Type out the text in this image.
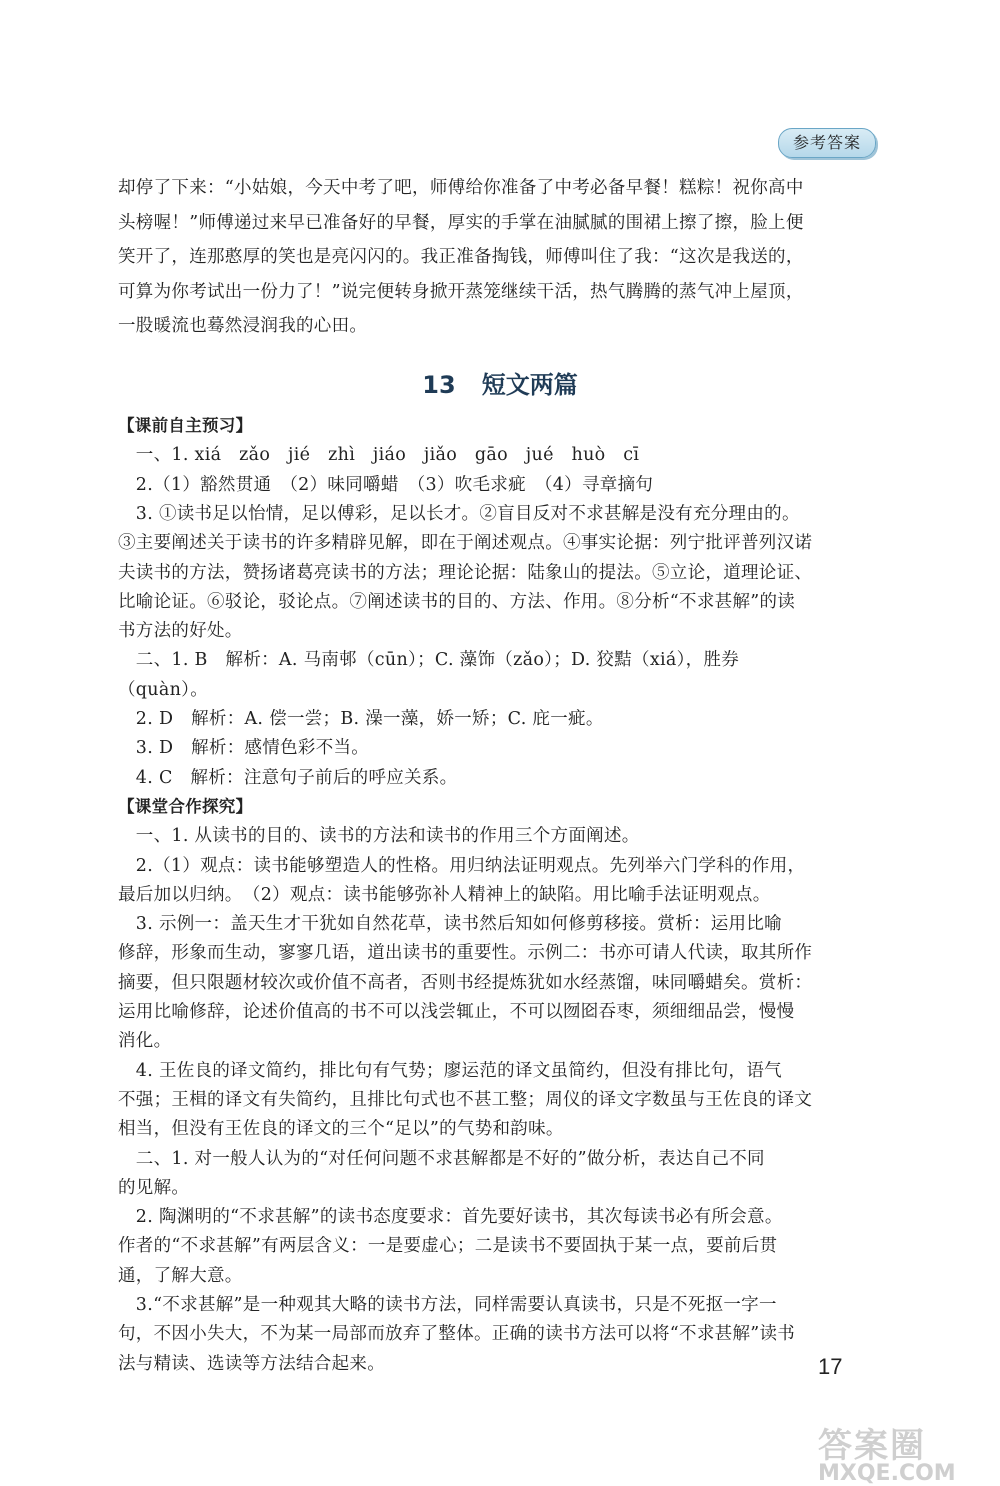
参考答案
却停了下来：“小姑娘，今天中考了吧，师傅给你准备了中考必备早餐！糕粽！祝你高中
头榜喔！”师傅递过来早已准备好的早餐，厚实的手掌在油腻腻的围裙上擦了擦，脸上便
笑开了，连那憨厚的笑也是亮闪闪的。我正准备掏钱，师傅叫住了我：“这次是我送的，
可算为你考试出一份力了！”说完便转身掀开蒸笼继续干活，热气腾腾的蒸气冲上屋顶，
一股暖流也蓦然浸润我的心田。
13 短文两篇
【课前自主预习】
　一、1. xiá　zǎo　jié　zhì　jiáo　jiǎo　gāo　jué　huò　cī
　2.（1）豁然贯通　（2）味同嚼蜡　（3）吹毛求疵　（4）寻章摘句
　3. ①读书足以怡情，足以傅彩，足以长才。②盲目反对不求甚解是没有充分理由的。
③主要阐述关于读书的许多精辟见解，即在于阐述观点。④事实论据：列宁批评普列汉诺
夫读书的方法，赞扬诸葛亮读书的方法；理论论据：陆象山的提法。⑤立论，道理论证、
比喻论证。⑥驳论，驳论点。⑦阐述读书的目的、方法、作用。⑧分析“不求甚解”的读
书方法的好处。
　二、1. B　解析：A. 马南邨（cūn）；C. 藻饰（zǎo）；D. 狡黠（xiá），胜券
（quàn）。
　2. D　解析：A. 偿一尝；B. 澡一藻，娇一矫；C. 庇一疵。
　3. D　解析：感情色彩不当。
　4. C　解析：注意句子前后的呼应关系。
【课堂合作探究】
　一、1. 从读书的目的、读书的方法和读书的作用三个方面阐述。
　2.（1）观点：读书能够塑造人的性格。用归纳法证明观点。先列举六门学科的作用，
最后加以归纳。　（2）观点：读书能够弥补人精神上的缺陷。用比喻手法证明观点。
　3. 示例一：盖天生才干犹如自然花草，读书然后知如何修剪移接。赏析：运用比喻
修辞，形象而生动，寥寥几语，道出读书的重要性。示例二：书亦可请人代读，取其所作
摘要，但只限题材较次或价值不高者，否则书经提炼犹如水经蒸馏，味同嚼蜡矣。赏析：
运用比喻修辞，论述价值高的书不可以浅尝辄止，不可以囫囵吞枣，须细细品尝，慢慢
消化。
　4. 王佐良的译文简约，排比句有气势；廖运范的译文虽简约，但没有排比句，语气
不强；王楫的译文有失简约，且排比句式也不甚工整；周仪的译文字数虽与王佐良的译文
相当，但没有王佐良的译文的三个“足以”的气势和韵味。
　二、1. 对一般人认为的“对任何问题不求甚解都是不好的”做分析，表达自己不同
的见解。
　2. 陶渊明的“不求甚解”的读书态度要求：首先要好读书，其次每读书必有所会意。
作者的“不求甚解”有两层含义：一是要虚心；二是读书不要固执于某一点，要前后贯
通，了解大意。
　3.“不求甚解”是一种观其大略的读书方法，同样需要认真读书，只是不死抠一字一
句，不因小失大，不为某一局部而放弃了整体。正确的读书方法可以将“不求甚解”读书
法与精读、选读等方法结合起来。	17
答案圈
MXQE.COM
